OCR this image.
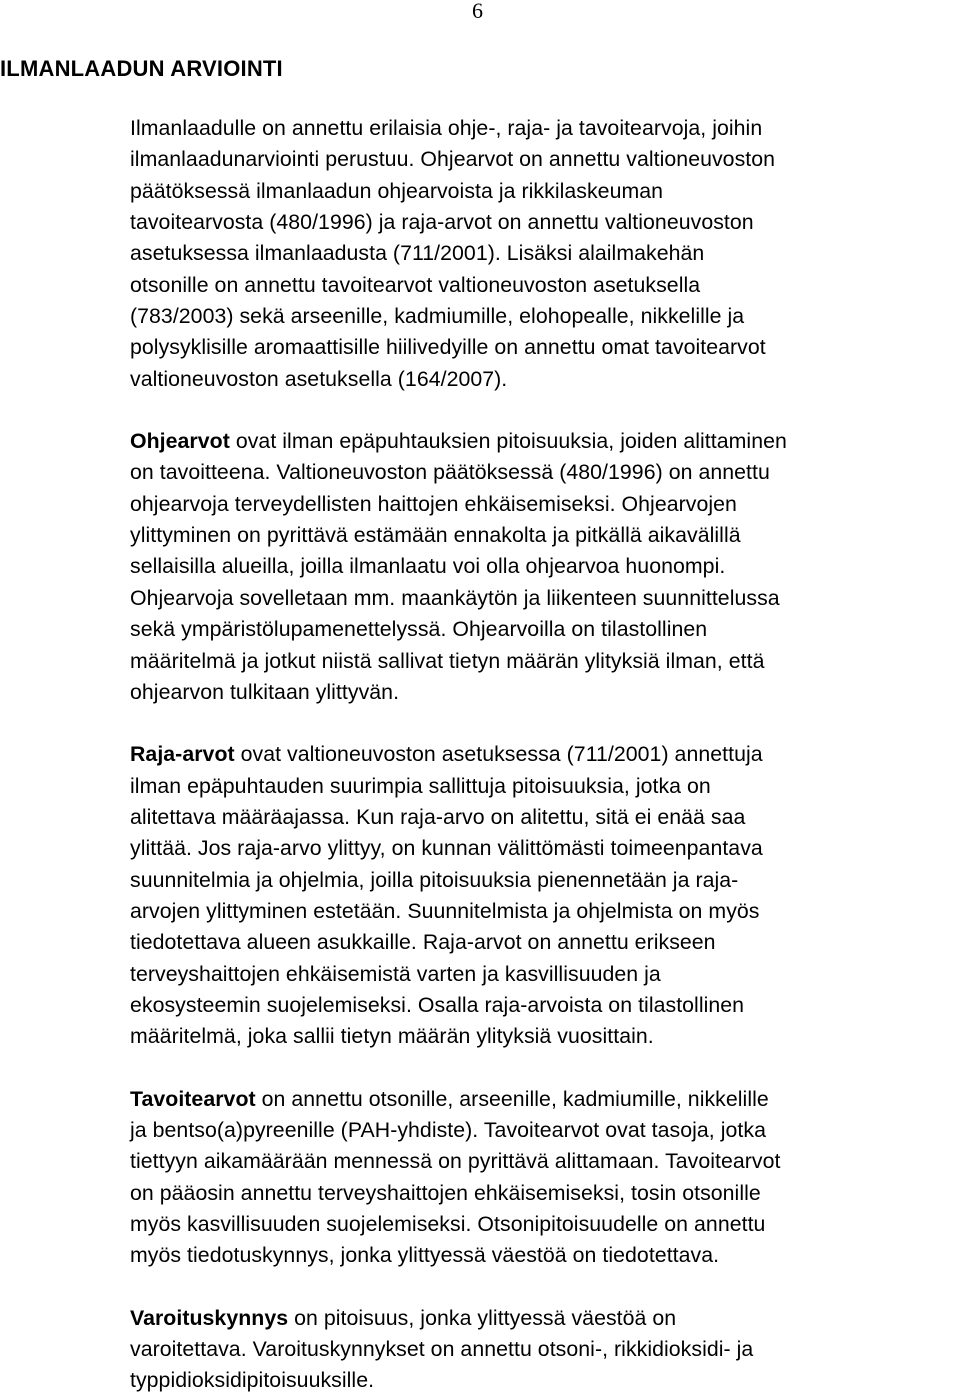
6
ILMANLAADUN ARVIOINTI

Ilmanlaadulle on annettu erilaisia ohje-, raja- ja tavoitearvoja, joihin
ilmanlaadunarviointi perustuu. Ohjearvot on annettu valtioneuvoston
päätöksessä ilmanlaadun ohjearvoista ja rikkilaskeuman
tavoitearvosta (480/1996) ja raja-arvot on annettu valtioneuvoston
asetuksessa ilmanlaadusta (711/2001). Lisäksi alailmakehän
otsonille on annettu tavoitearvot valtioneuvoston asetuksella
(783/2003) sekä arseenille, kadmiumille, elohopealle, nikkelille ja
polysyklisille aromaattisille hiilivedyille on annettu omat tavoitearvot
valtioneuvoston asetuksella (164/2007).

Ohjearvot ovat ilman epäpuhtauksien pitoisuuksia, joiden alittaminen
on tavoitteena. Valtioneuvoston päätöksessä (480/1996) on annettu
ohjearvoja terveydellisten haittojen ehkäisemiseksi. Ohjearvojen
ylittyminen on pyrittävä estämään ennakolta ja pitkällä aikavälillä
sellaisilla alueilla, joilla ilmanlaatu voi olla ohjearvoa huonompi.
Ohjearvoja sovelletaan mm. maankäytön ja liikenteen suunnittelussa
sekä ympäristölupamenettelyssä. Ohjearvoilla on tilastollinen
määritelmä ja jotkut niistä sallivat tietyn määrän ylityksiä ilman, että
ohjearvon tulkitaan ylittyvän.

Raja-arvot ovat valtioneuvoston asetuksessa (711/2001) annettuja
ilman epäpuhtauden suurimpia sallittuja pitoisuuksia, jotka on
alitettava määräajassa. Kun raja-arvo on alitettu, sitä ei enää saa
ylittää. Jos raja-arvo ylittyy, on kunnan välittömästi toimeenpantava
suunnitelmia ja ohjelmia, joilla pitoisuuksia pienennetään ja raja-
arvojen ylittyminen estetään. Suunnitelmista ja ohjelmista on myös
tiedotettava alueen asukkaille. Raja-arvot on annettu erikseen
terveyshaittojen ehkäisemistä varten ja kasvillisuuden ja
ekosysteemin suojelemiseksi. Osalla raja-arvoista on tilastollinen
määritelmä, joka sallii tietyn määrän ylityksiä vuosittain.

Tavoitearvot on annettu otsonille, arseenille, kadmiumille, nikkelille
ja bentso(a)pyreenille (PAH-yhdiste). Tavoitearvot ovat tasoja, jotka
tiettyyn aikamäärään mennessä on pyrittävä alittamaan. Tavoitearvot
on pääosin annettu terveyshaittojen ehkäisemiseksi, tosin otsonille
myös kasvillisuuden suojelemiseksi. Otsonipitoisuudelle on annettu
myös tiedotuskynnys, jonka ylittyessä väestöä on tiedotettava.

Varoituskynnys on pitoisuus, jonka ylittyessä väestöä on
varoitettava. Varoituskynnykset on annettu otsoni-, rikkidioksidi- ja
typpidioksidipitoisuuksille.
